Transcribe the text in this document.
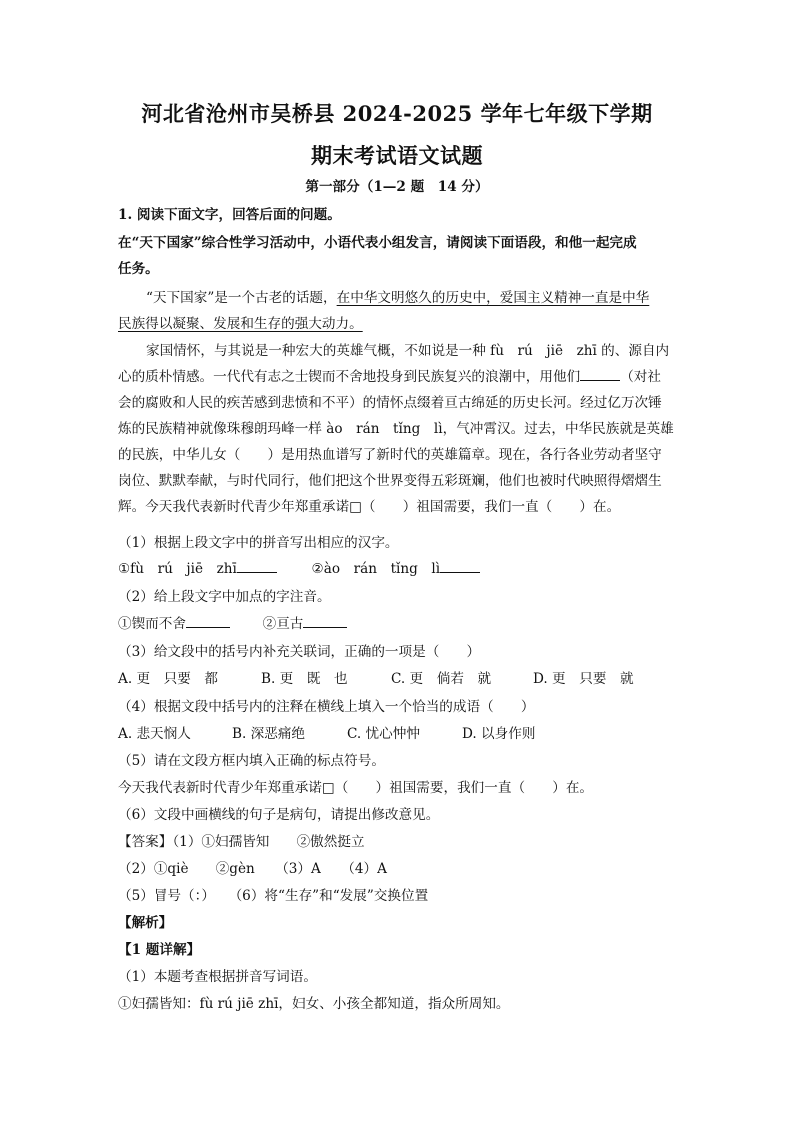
河北省沧州市吴桥县 2024-2025 学年七年级下学期
期末考试语文试题
第一部分（1—2 题　14 分）
1. 阅读下面文字，回答后面的问题。
在“天下国家”综合性学习活动中，小语代表小组发言，请阅读下面语段，和他一起完成
任务。
“天下国家”是一个古老的话题，在中华文明悠久的历史中，爱国主义精神一直是中华
民族得以凝聚、发展和生存的强大动力。
家国情怀，与其说是一种宏大的英雄气概，不如说是一种 fù　rú　jiē　zhī 的、源自内
心的质朴情感。一代代有志之士锲而不舍地投身到民族复兴的浪潮中，用他们	（对社
会的腐败和人民的疾苦感到悲愤和不平）的情怀点缀着亘古绵延的历史长河。经过亿万次锤
炼的民族精神就像珠穆朗玛峰一样 ào　rán　tǐng　lì，气冲霄汉。过去，中华民族就是英雄
的民族，中华儿女（　　）是用热血谱写了新时代的英雄篇章。现在，各行各业劳动者坚守
岗位、默默奉献，与时代同行，他们把这个世界变得五彩斑斓，他们也被时代映照得熠熠生
辉。今天我代表新时代青少年郑重承诺□（　　）祖国需要，我们一直（　　）在。
（1）根据上段文字中的拼音写出相应的汉字。
①fù　rú　jiē　zhī	②ào　rán　tǐng　lì
（2）给上段文字中加点的字注音。
①锲而不舍	②亘古
（3）给文段中的括号内补充关联词，正确的一项是（　　）
A. 更　只要　都	B. 更　既　也	C. 更　倘若　就	D. 更　只要　就
（4）根据文段中括号内的注释在横线上填入一个恰当的成语（　　）
A. 悲天悯人	B. 深恶痛绝	C. 忧心忡忡	D. 以身作则
（5）请在文段方框内填入正确的标点符号。
今天我代表新时代青少年郑重承诺□（　　）祖国需要，我们一直（　　）在。
（6）文段中画横线的句子是病句，请提出修改意见。
【答案】（1）①妇孺皆知　　②傲然挺立
（2）①qiè　　②gèn　　（3）A　　（4）A
（5）冒号（：）　　（6）将“生存”和“发展”交换位置
【解析】
【1 题详解】
（1）本题考查根据拼音写词语。
①妇孺皆知：fù rú jiē zhī，妇女、小孩全都知道，指众所周知。
